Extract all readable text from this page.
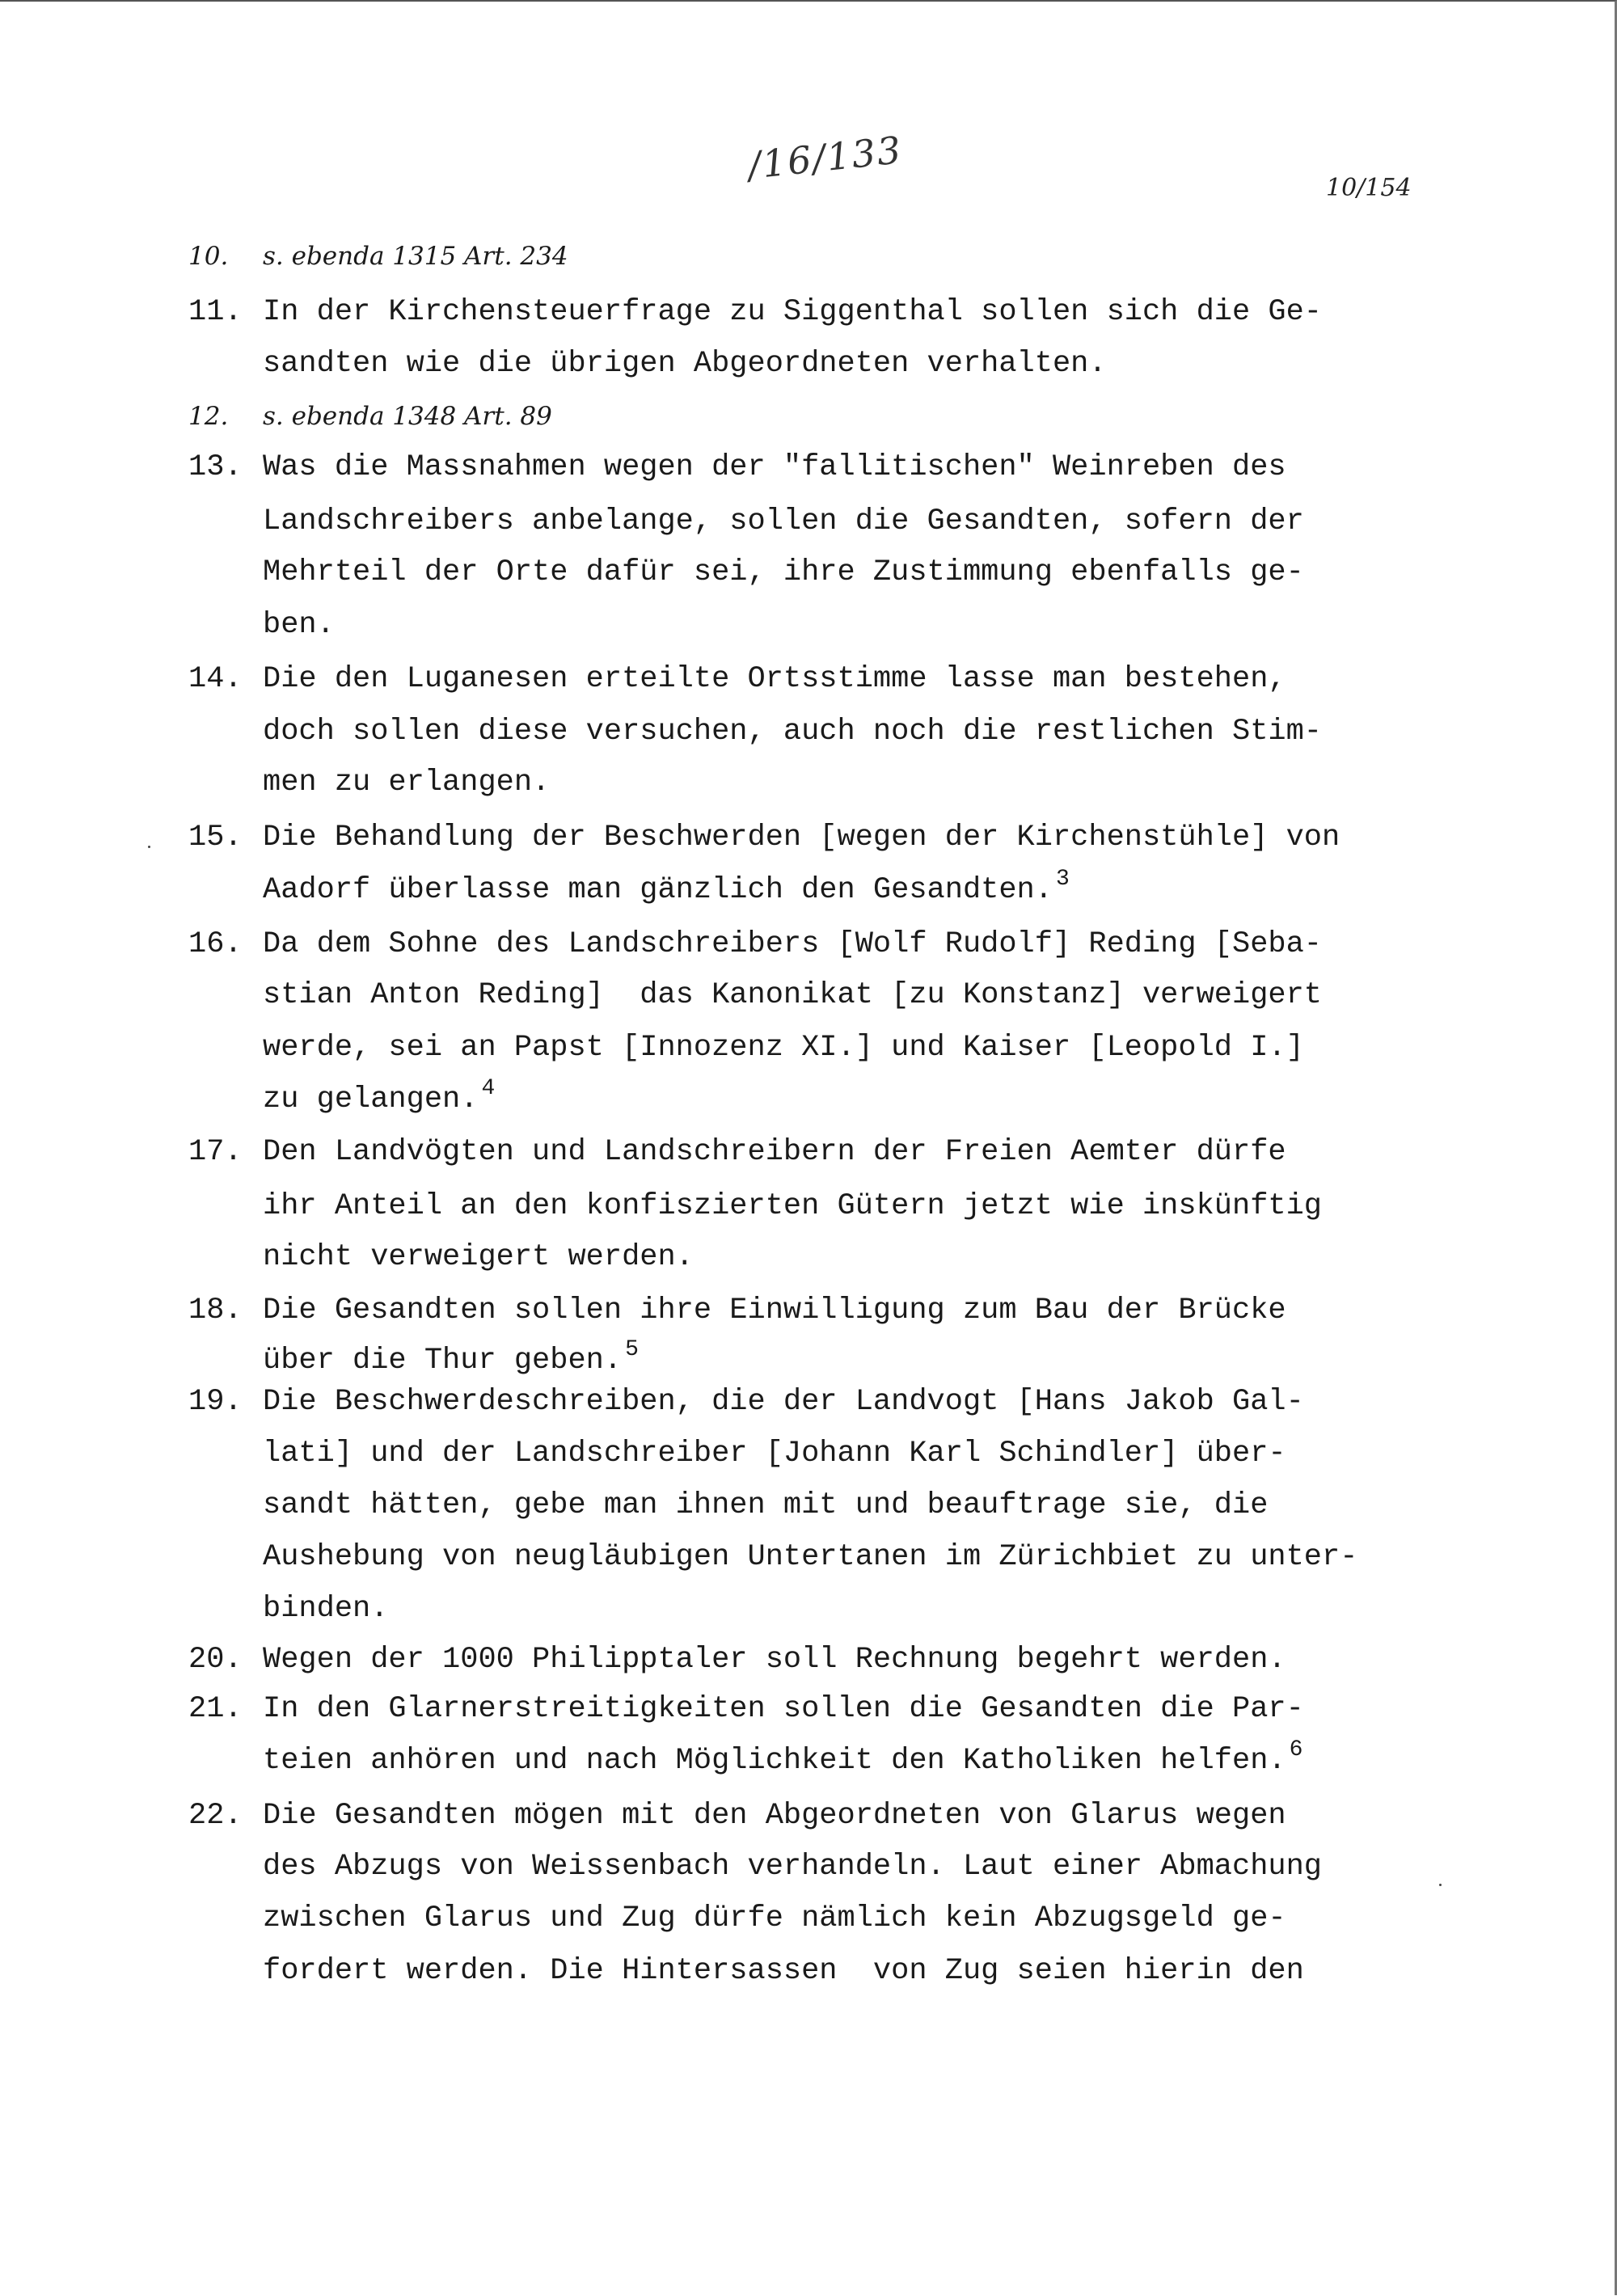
/16/133
10/154
10. s. ebenda 1315 Art. 234
11. In der Kirchensteuerfrage zu Siggenthal sollen sich die Ge-
sandten wie die übrigen Abgeordneten verhalten.
12. s. ebenda 1348 Art. 89
13. Was die Massnahmen wegen der "fallitischen" Weinreben des
Landschreibers anbelange, sollen die Gesandten, sofern der
Mehrteil der Orte dafür sei, ihre Zustimmung ebenfalls ge-
ben.
14. Die den Luganesen erteilte Ortsstimme lasse man bestehen,
doch sollen diese versuchen, auch noch die restlichen Stim-
men zu erlangen.
15. Die Behandlung der Beschwerden [wegen der Kirchenstühle] von
Aadorf überlasse man gänzlich den Gesandten. $^3$
16. Da dem Sohne des Landschreibers [Wolf Rudolf] Reding [Seba-
stian Anton Reding]  das Kanonikat [zu Konstanz] verweigert
werde, sei an Papst [Innozenz XI.] und Kaiser [Leopold I.]
zu gelangen. $^4$
17. Den Landvögten und Landschreibern der Freien Aemter dürfe
ihr Anteil an den konfiszierten Gütern jetzt wie inskünftig
nicht verweigert werden.
18. Die Gesandten sollen ihre Einwilligung zum Bau der Brücke
über die Thur geben. $^5$
19. Die Beschwerdeschreiben, die der Landvogt [Hans Jakob Gal-
lati] und der Landschreiber [Johann Karl Schindler] über-
sandt hätten, gebe man ihnen mit und beauftrage sie, die
Aushebung von neugläubigen Untertanen im Zürichbiet zu unter-
binden.
20. Wegen der 1000 Philipptaler soll Rechnung begehrt werden.
21. In den Glarnerstreitigkeiten sollen die Gesandten die Par-
teien anhören und nach Möglichkeit den Katholiken helfen. $^6$
22. Die Gesandten mögen mit den Abgeordneten von Glarus wegen
des Abzugs von Weissenbach verhandeln. Laut einer Abmachung
zwischen Glarus und Zug dürfe nämlich kein Abzugsgeld ge-
fordert werden. Die Hintersassen  von Zug seien hierin den
